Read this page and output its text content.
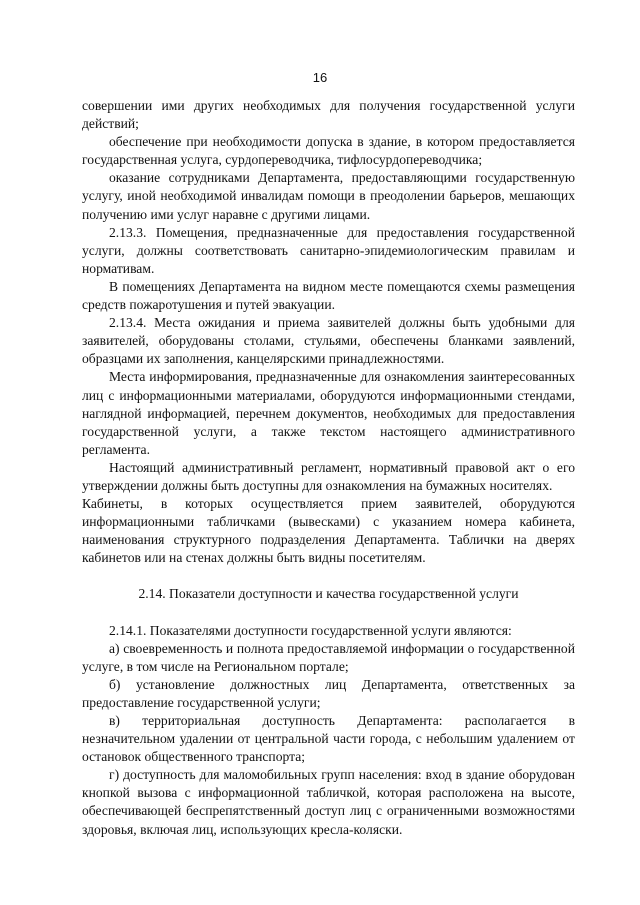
16

совершении ими других необходимых для получения государственной услуги действий;

обеспечение при необходимости допуска в здание, в котором предоставляется государственная услуга, сурдопереводчика, тифлосурдопереводчика;

оказание сотрудниками Департамента, предоставляющими государственную услугу, иной необходимой инвалидам помощи в преодолении барьеров, мешающих получению ими услуг наравне с другими лицами.

2.13.3. Помещения, предназначенные для предоставления государственной услуги, должны соответствовать санитарно-эпидемиологическим правилам и нормативам.

В помещениях Департамента на видном месте помещаются схемы размещения средств пожаротушения и путей эвакуации.

2.13.4. Места ожидания и приема заявителей должны быть удобными для заявителей, оборудованы столами, стульями, обеспечены бланками заявлений, образцами их заполнения, канцелярскими принадлежностями.

Места информирования, предназначенные для ознакомления заинтересованных лиц с информационными материалами, оборудуются информационными стендами, наглядной информацией, перечнем документов, необходимых для предоставления государственной услуги, а также текстом настоящего административного регламента.

Настоящий административный регламент, нормативный правовой акт о его утверждении должны быть доступны для ознакомления на бумажных носителях.

Кабинеты, в которых осуществляется прием заявителей, оборудуются информационными табличками (вывесками) с указанием номера кабинета, наименования структурного подразделения Департамента. Таблички на дверях кабинетов или на стенах должны быть видны посетителям.

2.14. Показатели доступности и качества государственной услуги

2.14.1. Показателями доступности государственной услуги являются:

а) своевременность и полнота предоставляемой информации о государственной услуге, в том числе на Региональном портале;

б) установление должностных лиц Департамента, ответственных за предоставление государственной услуги;

в) территориальная доступность Департамента: располагается в незначительном удалении от центральной части города, с небольшим удалением от остановок общественного транспорта;

г) доступность для маломобильных групп населения: вход в здание оборудован кнопкой вызова с информационной табличкой, которая расположена на высоте, обеспечивающей беспрепятственный доступ лиц с ограниченными возможностями здоровья, включая лиц, использующих кресла-коляски.
